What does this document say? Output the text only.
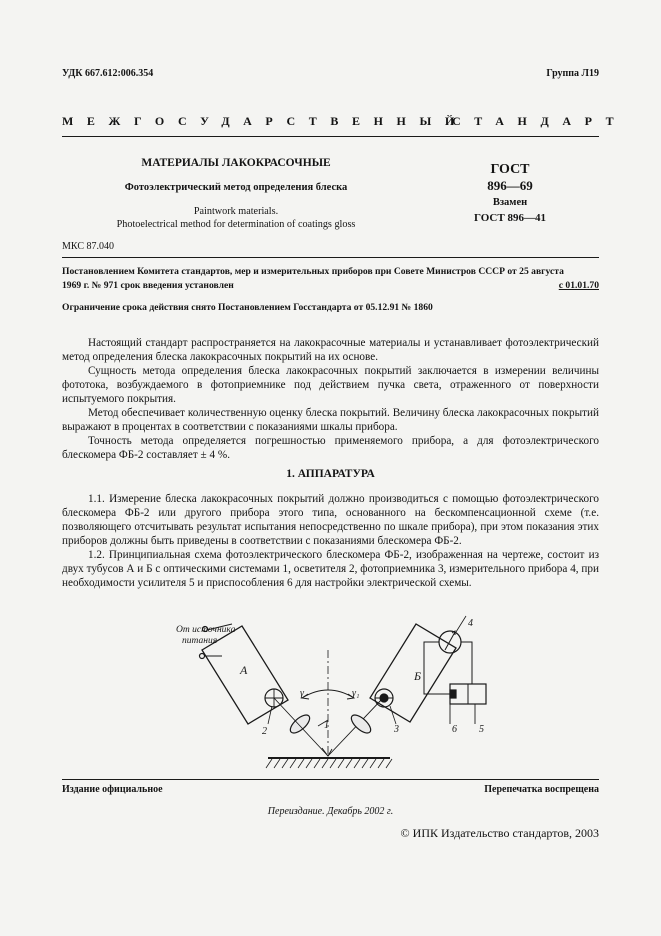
УДК 667.612:006.354	Группа Л19
МЕЖГОСУДАРСТВЕННЫЙ
СТАНДАРТ
МАТЕРИАЛЫ ЛАКОКРАСОЧНЫЕ
Фотоэлектрический метод определения блеска
Paintwork materials.
Photoelectrical method for determination of coatings gloss
ГОСТ
896—69
Взамен
ГОСТ 896—41
МКС 87.040
Постановлением Комитета стандартов, мер и измерительных приборов при Совете Министров СССР от 25 августа
1969 г. № 971 срок введения установлен	с 01.01.70
Ограничение срока действия снято Постановлением Госстандарта от 05.12.91 № 1860

Настоящий стандарт распространяется на лакокрасочные материалы и устанавливает фотоэлектрический метод определения блеска лакокрасочных покрытий на их основе.

Сущность метода определения блеска лакокрасочных покрытий заключается в измерении величины фототока, возбуждаемого в фотоприемнике под действием пучка света, отраженного от поверхности испытуемого покрытия.

Метод обеспечивает количественную оценку блеска покрытий. Величину блеска лакокрасочных покрытий выражают в процентах в соответствии с показаниями шкалы прибора.

Точность метода определяется погрешностью применяемого прибора, а для фотоэлектрического блескомера ФБ-2 составляет ± 4 %.

1. АППАРАТУРА

1.1. Измерение блеска лакокрасочных покрытий должно производиться с помощью фотоэлектрического блескомера ФБ-2 или другого прибора этого типа, основанного на бескомпенсационной схеме (т.е. позволяющего отсчитывать результат испытания непосредственно по шкале прибора), при этом показания этих приборов должны быть приведены в соответствии с показаниями блескомера ФБ-2.

1.2. Принципиальная схема фотоэлектрического блескомера ФБ-2, изображенная на чертеже, состоит из двух тубусов А и Б с оптическими системами 1, осветителя 2, фотоприемника 3, измерительного прибора 4, при необходимости усилителя 5 и приспособления 6 для настройки электрической схемы.

От источника
питания
А	Б
γ	γ₁
1
2	3
4
5
6
Издание официальное	Перепечатка воспрещена
Переиздание. Декабрь 2002 г.
© ИПК Издательство стандартов, 2003
